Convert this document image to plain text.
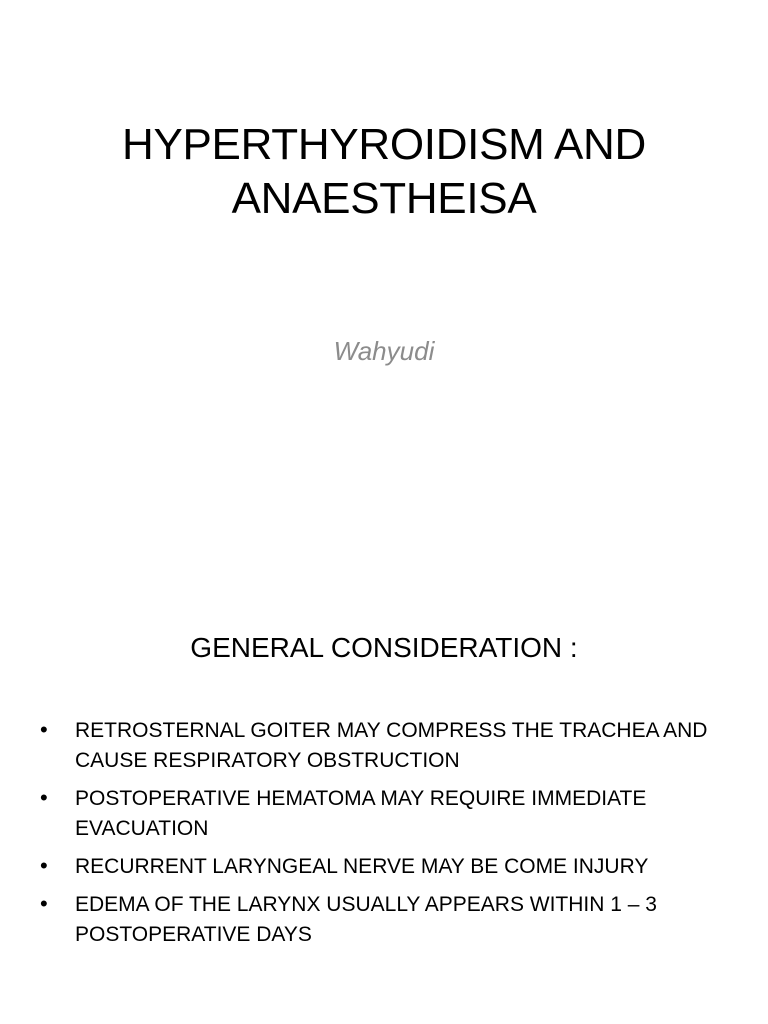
HYPERTHYROIDISM AND
ANAESTHEISA
Wahyudi
GENERAL CONSIDERATION :
• RETROSTERNAL GOITER MAY COMPRESS THE TRACHEA AND
CAUSE RESPIRATORY OBSTRUCTION
• POSTOPERATIVE HEMATOMA MAY REQUIRE IMMEDIATE
EVACUATION
• RECURRENT LARYNGEAL NERVE MAY BE COME INJURY
• EDEMA OF THE LARYNX USUALLY APPEARS WITHIN 1 – 3
POSTOPERATIVE DAYS
